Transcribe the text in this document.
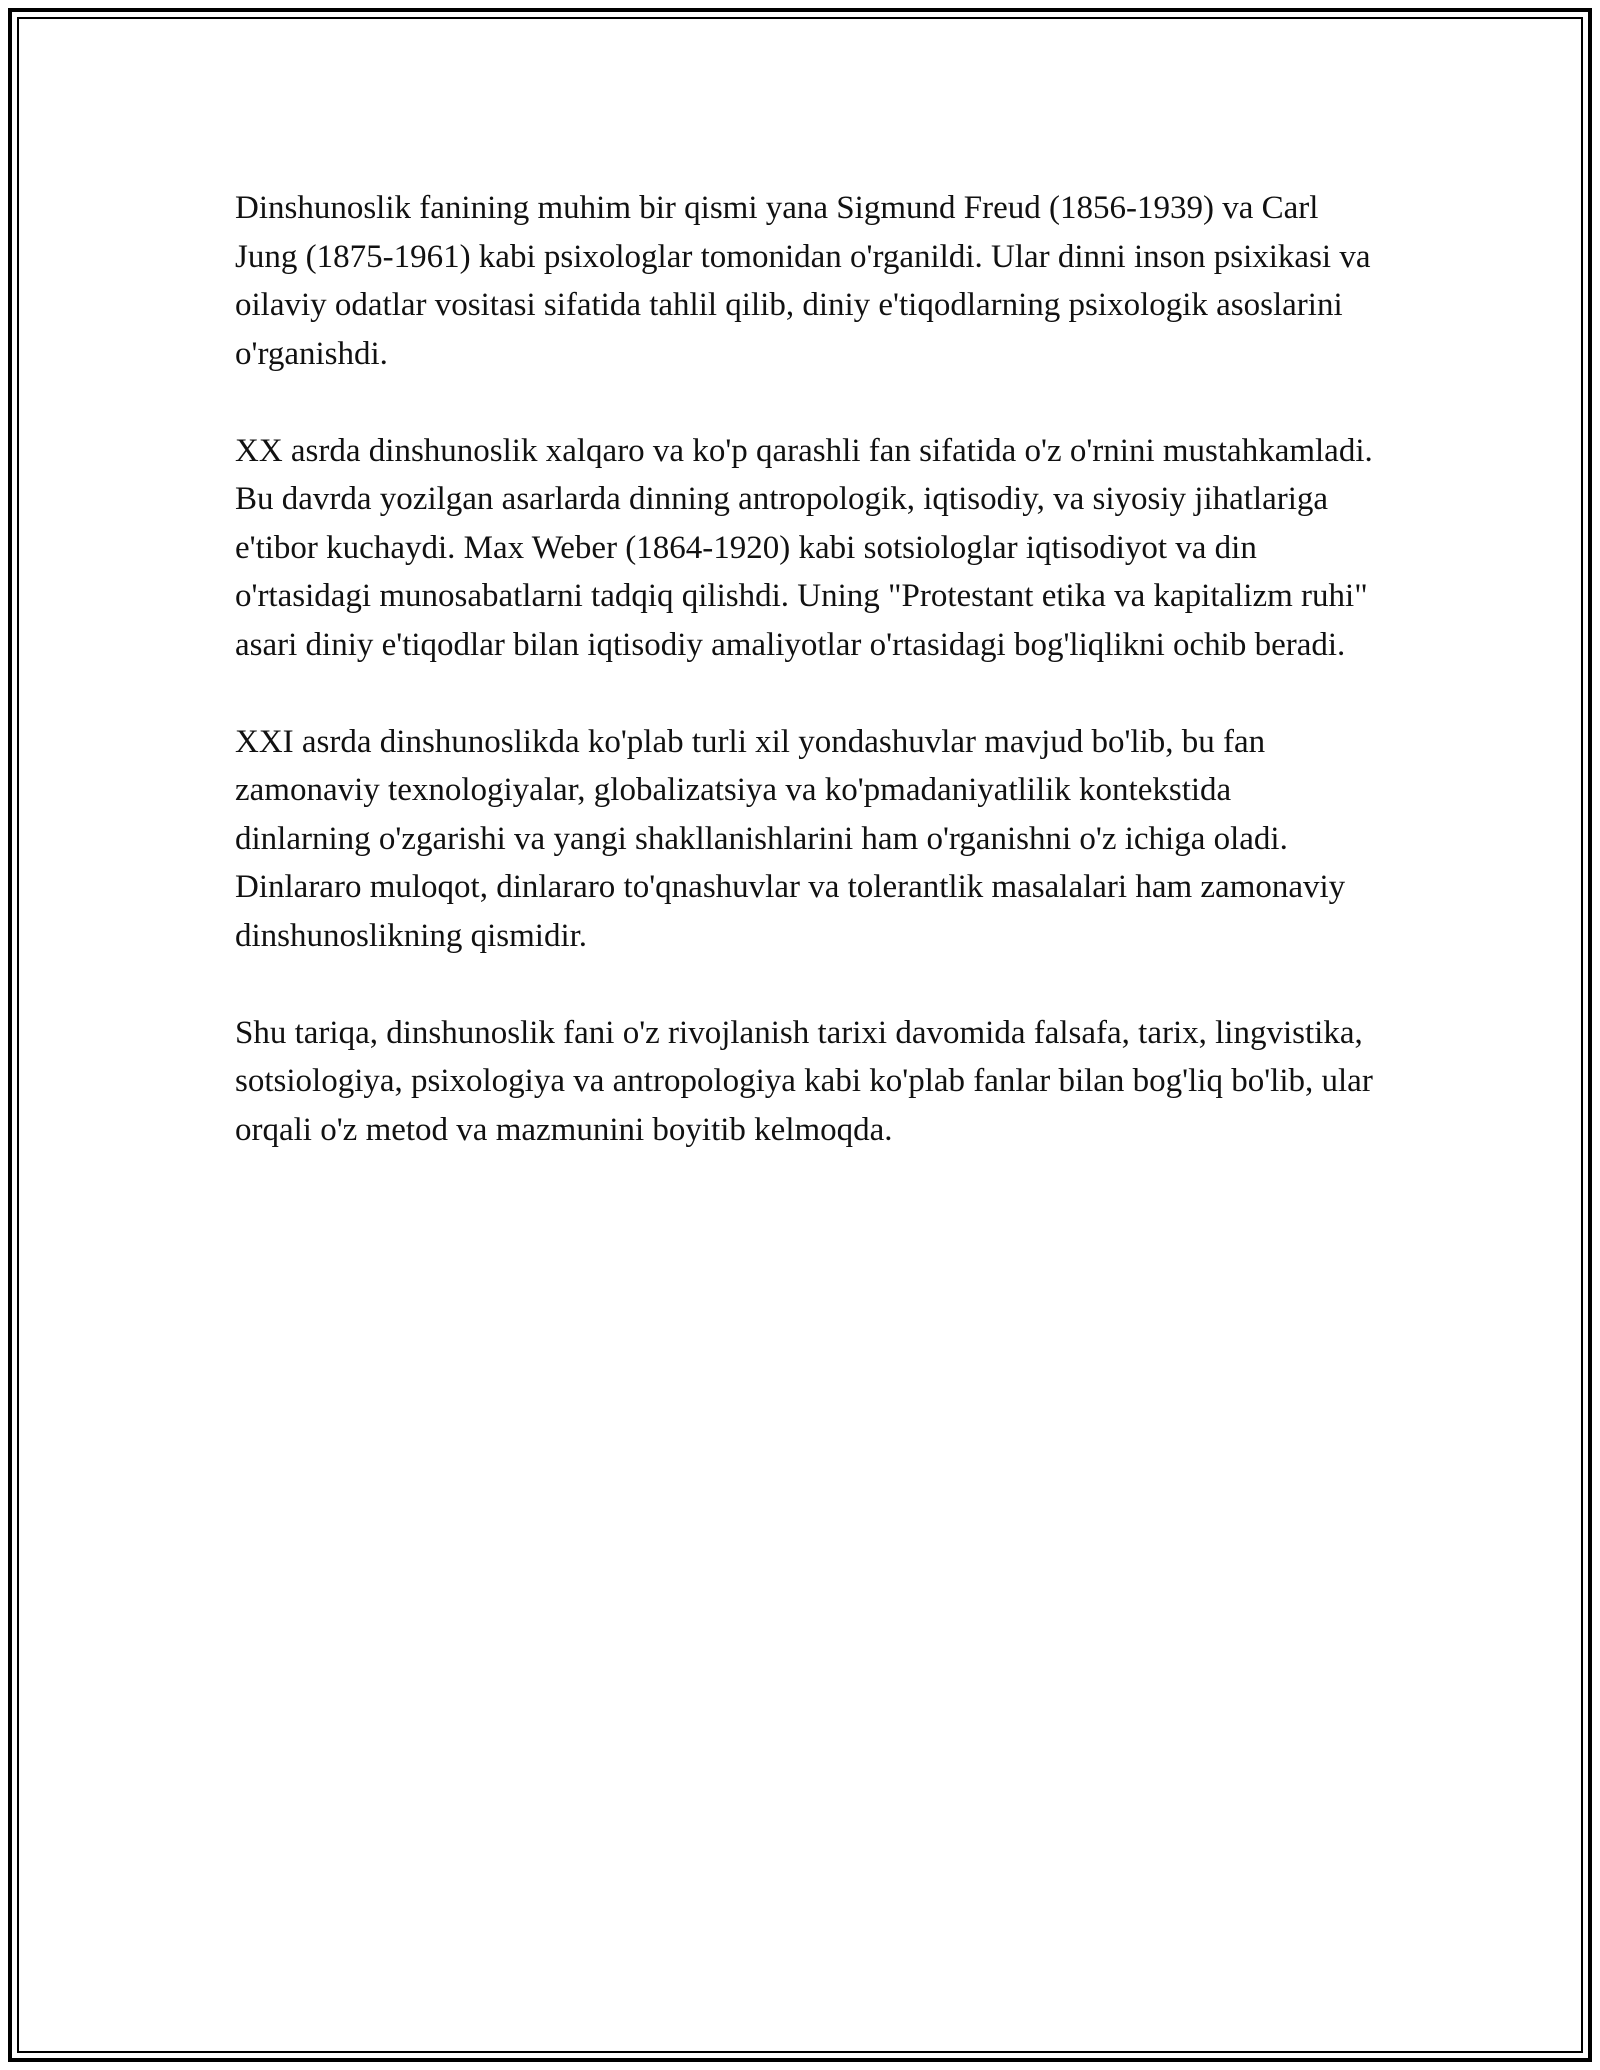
Dinshunoslik fanining muhim bir qismi yana Sigmund Freud (1856-1939) va Carl Jung (1875-1961) kabi psixologlar tomonidan o'rganildi. Ular dinni inson psixikasi va oilaviy odatlar vositasi sifatida tahlil qilib, diniy e'tiqodlarning psixologik asoslarini o'rganishdi.

XX asrda dinshunoslik xalqaro va ko'p qarashli fan sifatida o'z o'rnini mustahkamladi. Bu davrda yozilgan asarlarda dinning antropologik, iqtisodiy, va siyosiy jihatlariga e'tibor kuchaydi. Max Weber (1864-1920) kabi sotsiologlar iqtisodiyot va din o'rtasidagi munosabatlarni tadqiq qilishdi. Uning "Protestant etika va kapitalizm ruhi" asari diniy e'tiqodlar bilan iqtisodiy amaliyotlar o'rtasidagi bog'liqlikni ochib beradi.

XXI asrda dinshunoslikda ko'plab turli xil yondashuvlar mavjud bo'lib, bu fan zamonaviy texnologiyalar, globalizatsiya va ko'pmadaniyatlilik kontekstida dinlarning o'zgarishi va yangi shakllanishlarini ham o'rganishni o'z ichiga oladi. Dinlararo muloqot, dinlararo to'qnashuvlar va tolerantlik masalalari ham zamonaviy dinshunoslikning qismidir.

Shu tariqa, dinshunoslik fani o'z rivojlanish tarixi davomida falsafa, tarix, lingvistika, sotsiologiya, psixologiya va antropologiya kabi ko'plab fanlar bilan bog'liq bo'lib, ular orqali o'z metod va mazmunini boyitib kelmoqda.
